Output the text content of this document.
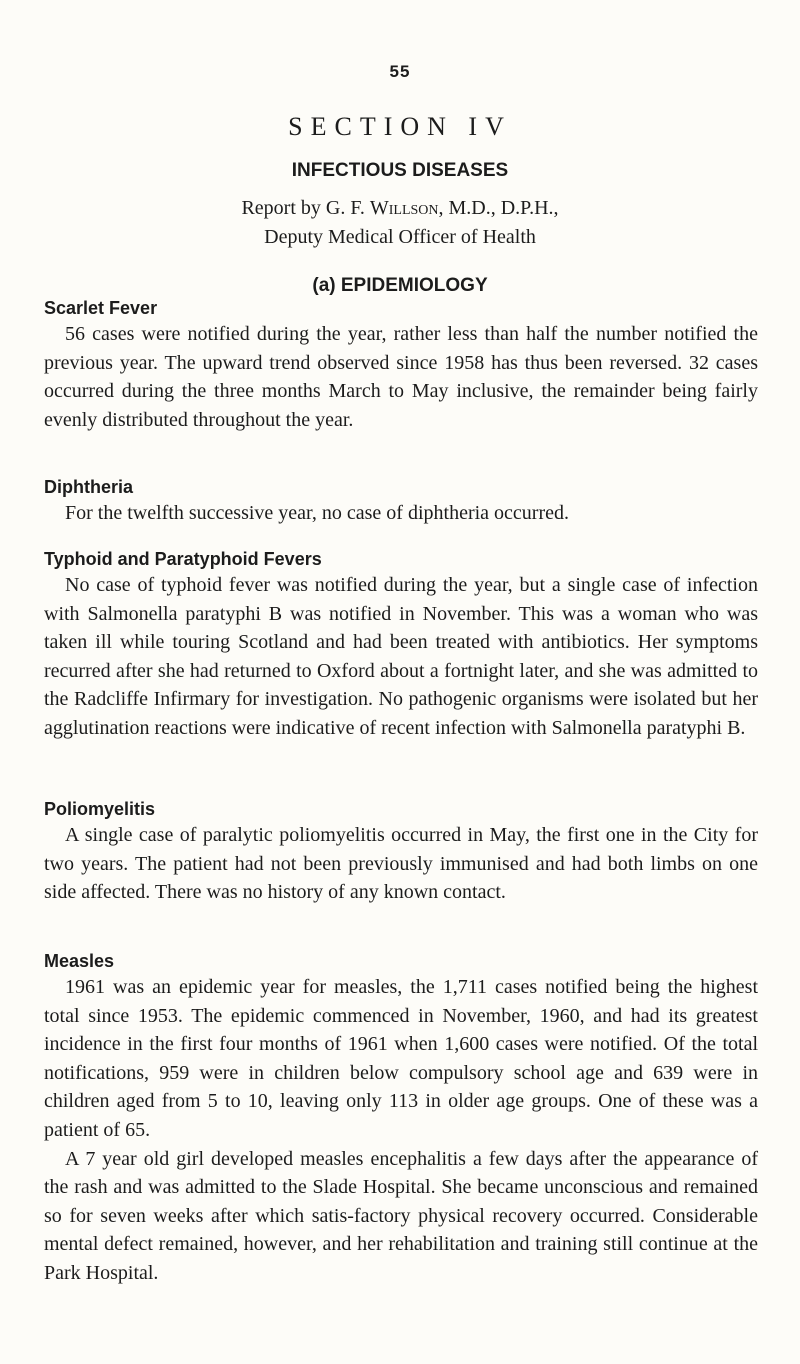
55
SECTION IV
INFECTIOUS DISEASES
Report by G. F. Willson, M.D., D.P.H.,
Deputy Medical Officer of Health
(a) EPIDEMIOLOGY
Scarlet Fever
56 cases were notified during the year, rather less than half the number notified the previous year. The upward trend observed since 1958 has thus been reversed. 32 cases occurred during the three months March to May inclusive, the remainder being fairly evenly distributed throughout the year.
Diphtheria
For the twelfth successive year, no case of diphtheria occurred.
Typhoid and Paratyphoid Fevers
No case of typhoid fever was notified during the year, but a single case of infection with Salmonella paratyphi B was notified in November. This was a woman who was taken ill while touring Scotland and had been treated with antibiotics. Her symptoms recurred after she had returned to Oxford about a fortnight later, and she was admitted to the Radcliffe Infirmary for investigation. No pathogenic organisms were isolated but her agglutination reactions were indicative of recent infection with Salmonella paratyphi B.
Poliomyelitis
A single case of paralytic poliomyelitis occurred in May, the first one in the City for two years. The patient had not been previously immunised and had both limbs on one side affected. There was no history of any known contact.
Measles
1961 was an epidemic year for measles, the 1,711 cases notified being the highest total since 1953. The epidemic commenced in November, 1960, and had its greatest incidence in the first four months of 1961 when 1,600 cases were notified. Of the total notifications, 959 were in children below compulsory school age and 639 were in children aged from 5 to 10, leaving only 113 in older age groups. One of these was a patient of 65.
A 7 year old girl developed measles encephalitis a few days after the appearance of the rash and was admitted to the Slade Hospital. She became unconscious and remained so for seven weeks after which satis-factory physical recovery occurred. Considerable mental defect remained, however, and her rehabilitation and training still continue at the Park Hospital.
